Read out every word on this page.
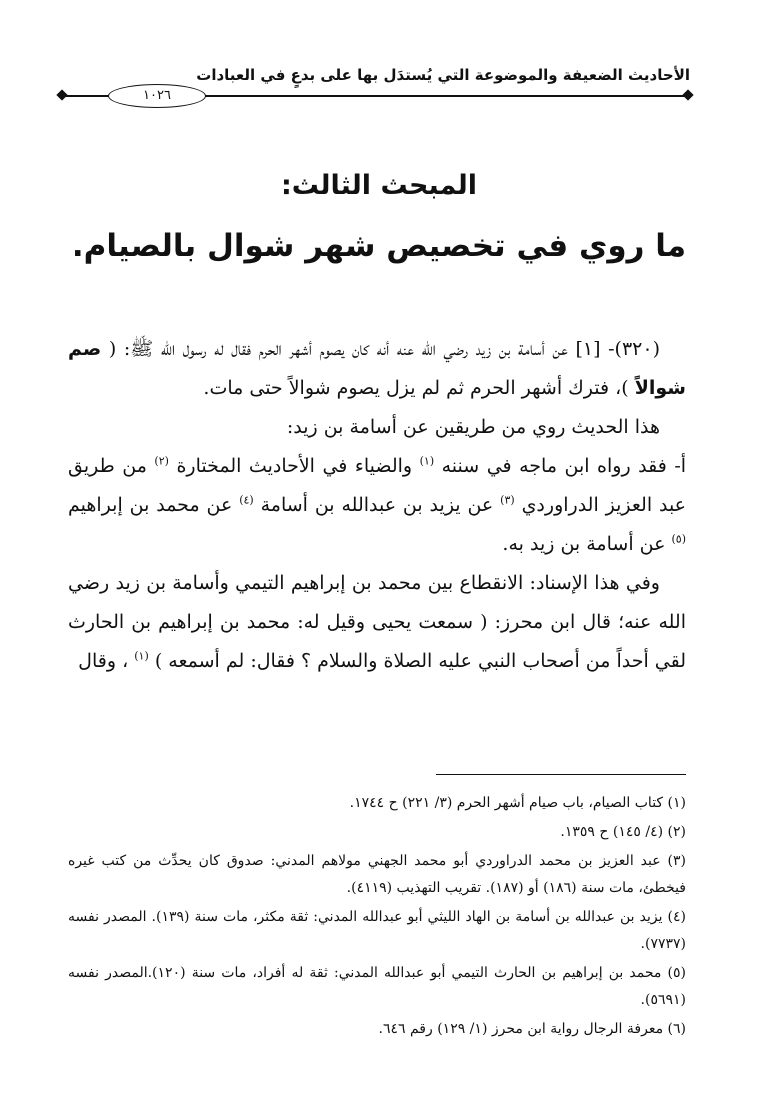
الأحاديث الضعيفة والموضوعة التي يُستدَل بها على بدعٍ في العبادات
١٠٢٦
المبحث الثالث:
ما روي في تخصيص شهر شوال بالصيام.

(٣٢٠)- [١] عن أسامة بن زيد رضي الله عنه أنه كان يصوم أشهر الحرم فقال له رسول الله ﷺ: ( صم شوالاً )، فترك أشهر الحرم ثم لم يزل يصوم شوالاً حتى مات.

هذا الحديث روي من طريقين عن أسامة بن زيد:

أ- فقد رواه ابن ماجه في سننه $^{(١)}$ والضياء في الأحاديث المختارة $^{(٢)}$ من طريق عبد العزيز الدراوردي $^{(٣)}$ عن يزيد بن عبدالله بن أسامة $^{(٤)}$ عن محمد بن إبراهيم $^{(٥)}$ عن أسامة بن زيد به.

وفي هذا الإسناد: الانقطاع بين محمد بن إبراهيم التيمي وأسامة بن زيد رضي الله عنه؛ قال ابن محرز: ( سمعت يحيى وقيل له: محمد بن إبراهيم بن الحارث لقي أحداً من أصحاب النبي عليه الصلاة والسلام ؟ فقال: لم أسمعه ) $^{(١)}$ ، وقال

(١) كتاب الصيام، باب صيام أشهر الحرم (٣/ ٢٢١) ح ١٧٤٤.

(٢) (٤/ ١٤٥) ح ١٣٥٩.

(٣) عبد العزيز بن محمد الدراوردي أبو محمد الجهني مولاهم المدني: صدوق كان يحدِّث من كتب غيره فيخطئ، مات سنة (١٨٦) أو (١٨٧). تقريب التهذيب (٤١١٩).

(٤) يزيد بن عبدالله بن أسامة بن الهاد الليثي أبو عبدالله المدني: ثقة مكثر، مات سنة (١٣٩). المصدر نفسه (٧٧٣٧).

(٥) محمد بن إبراهيم بن الحارث التيمي أبو عبدالله المدني: ثقة له أفراد، مات سنة (١٢٠).المصدر نفسه (٥٦٩١).

(٦) معرفة الرجال رواية ابن محرز (١/ ١٢٩) رقم ٦٤٦.
